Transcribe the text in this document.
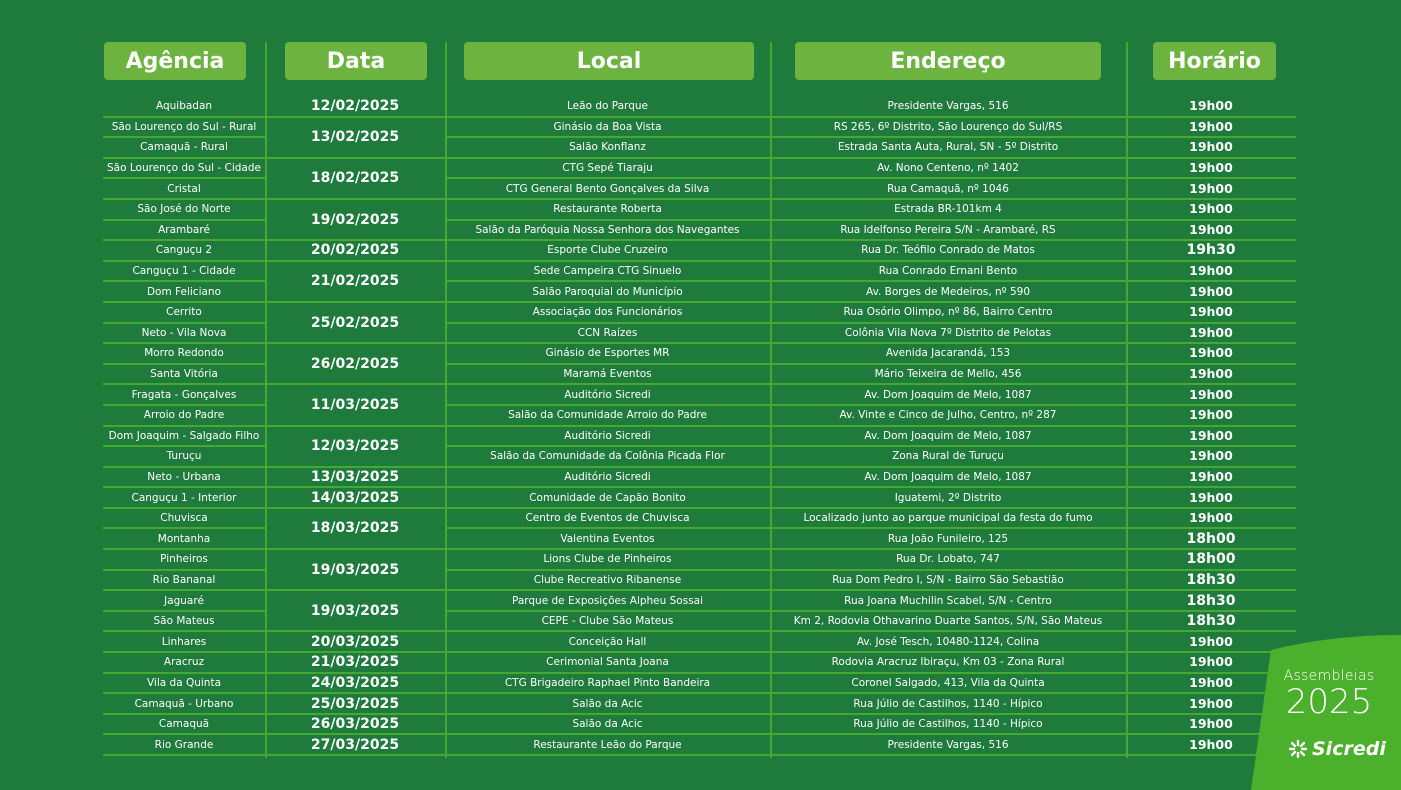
Agência	Data	Local	Endereço	Horário
Aquibadan	12/02/2025	Leão do Parque	Presidente Vargas, 516	19h00
São Lourenço do Sul - Rural	13/02/2025	Ginásio da Boa Vista	RS 265, 6º Distrito, São Lourenço do Sul/RS	19h00
Camaquã - Rural		Salão Konflanz	Estrada Santa Auta, Rural, SN - 5º Distrito	19h00
São Lourenço do Sul - Cidade	18/02/2025	CTG Sepé Tiaraju	Av. Nono Centeno, nº 1402	19h00
Cristal		CTG General Bento Gonçalves da Silva	Rua Camaquã, nº 1046	19h00
São José do Norte	19/02/2025	Restaurante Roberta	Estrada BR-101km 4	19h00
Arambaré		Salão da Paróquia Nossa Senhora dos Navegantes	Rua Idelfonso Pereira S/N - Arambaré, RS	19h00
Canguçu 2	20/02/2025	Esporte Clube Cruzeiro	Rua Dr. Teófilo Conrado de Matos	19h30
Canguçu 1 - Cidade	21/02/2025	Sede Campeira CTG Sinuelo	Rua Conrado Ernani Bento	19h00
Dom Feliciano		Salão Paroquial do Município	Av. Borges de Medeiros, nº 590	19h00
Cerrito	25/02/2025	Associação dos Funcionários	Rua Osório Olimpo, nº 86, Bairro Centro	19h00
Neto - Vila Nova		CCN Raízes	Colônia Vila Nova 7º Distrito de Pelotas	19h00
Morro Redondo	26/02/2025	Ginásio de Esportes MR	Avenida Jacarandá, 153	19h00
Santa Vitória		Maramá Eventos	Mário Teixeira de Mello, 456	19h00
Fragata - Gonçalves	11/03/2025	Auditório Sicredi	Av. Dom Joaquim de Melo, 1087	19h00
Arroio do Padre		Salão da Comunidade Arroio do Padre	Av. Vinte e Cinco de Julho, Centro, nº 287	19h00
Dom Joaquim - Salgado Filho	12/03/2025	Auditório Sicredi	Av. Dom Joaquim de Melo, 1087	19h00
Turuçu		Salão da Comunidade da Colônia Picada Flor	Zona Rural de Turuçu	19h00
Neto - Urbana	13/03/2025	Auditório Sicredi	Av. Dom Joaquim de Melo, 1087	19h00
Canguçu 1 - Interior	14/03/2025	Comunidade de Capão Bonito	Iguatemi, 2º Distrito	19h00
Chuvisca	18/03/2025	Centro de Eventos de Chuvisca	Localizado junto ao parque municipal da festa do fumo	19h00
Montanha		Valentina Eventos	Rua João Funileiro, 125	18h00
Pinheiros	19/03/2025	Lions Clube de Pinheiros	Rua Dr. Lobato, 747	18h00
Rio Bananal		Clube Recreativo Ribanense	Rua Dom Pedro I, S/N - Bairro São Sebastião	18h30
Jaguaré	19/03/2025	Parque de Exposições Alpheu Sossai	Rua Joana Muchilin Scabel, S/N - Centro	18h30
São Mateus		CEPE - Clube São Mateus	Km 2, Rodovia Othavarino Duarte Santos, S/N, São Mateus	18h30
Linhares	20/03/2025	Conceição Hall	Av. José Tesch, 10480-1124, Colina	19h00
Aracruz	21/03/2025	Cerimonial Santa Joana	Rodovia Aracruz Ibiraçu, Km 03 - Zona Rural	19h00
Vila da Quinta	24/03/2025	CTG Brigadeiro Raphael Pinto Bandeira	Coronel Salgado, 413, Vila da Quinta	19h00
Camaquã - Urbano	25/03/2025	Salão da Acic	Rua Júlio de Castilhos, 1140 - Hípico	19h00
Camaquã	26/03/2025	Salão da Acic	Rua Júlio de Castilhos, 1140 - Hípico	19h00
Rio Grande	27/03/2025	Restaurante Leão do Parque	Presidente Vargas, 516	19h00
Assembleias
2025
Sicredi
